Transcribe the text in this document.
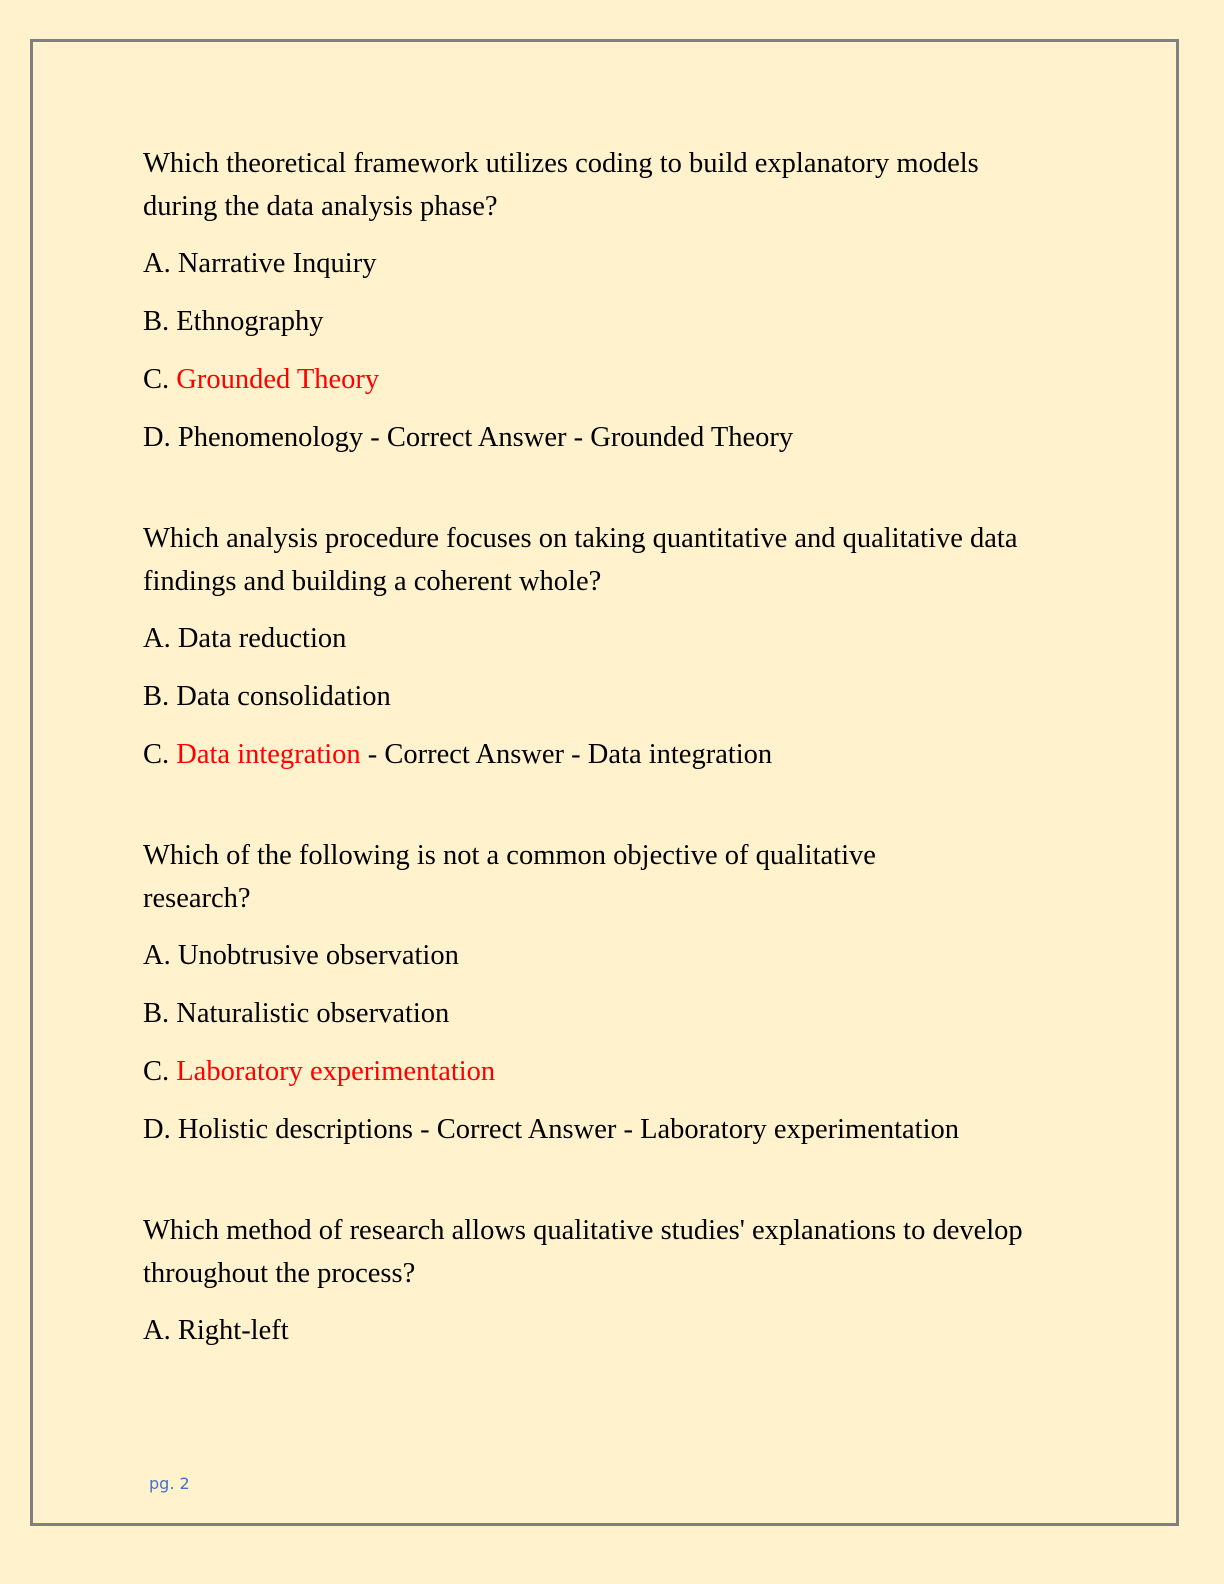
Which theoretical framework utilizes coding to build explanatory models during the data analysis phase?

A. Narrative Inquiry

B. Ethnography

C. Grounded Theory

D. Phenomenology - Correct Answer - Grounded Theory

Which analysis procedure focuses on taking quantitative and qualitative data findings and building a coherent whole?

A. Data reduction

B. Data consolidation

C. Data integration - Correct Answer - Data integration

Which of the following is not a common objective of qualitative research?

A. Unobtrusive observation

B. Naturalistic observation

C. Laboratory experimentation

D. Holistic descriptions - Correct Answer - Laboratory experimentation

Which method of research allows qualitative studies' explanations to develop throughout the process?

A. Right-left

pg. 2
